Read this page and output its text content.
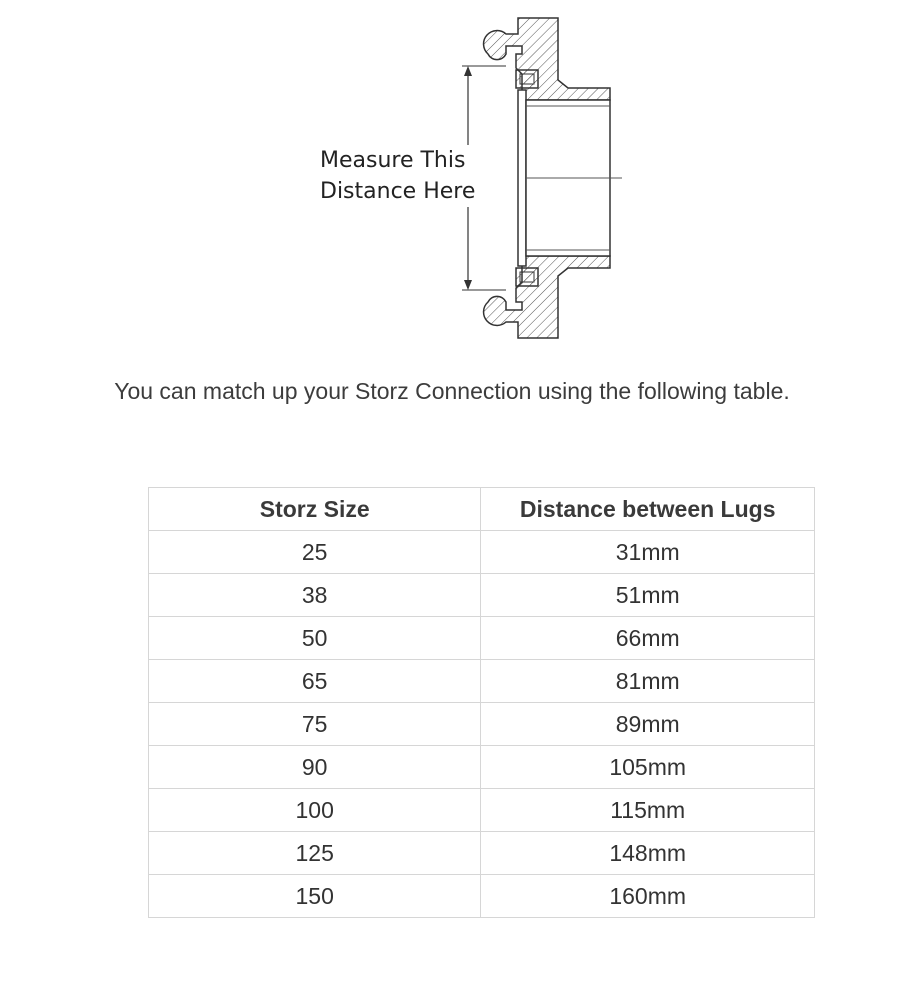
Measure This
Distance Here
You can match up your Storz Connection using the following table.
Storz Size	Distance between Lugs
25	31mm
38	51mm
50	66mm
65	81mm
75	89mm
90	105mm
100	115mm
125	148mm
150	160mm
